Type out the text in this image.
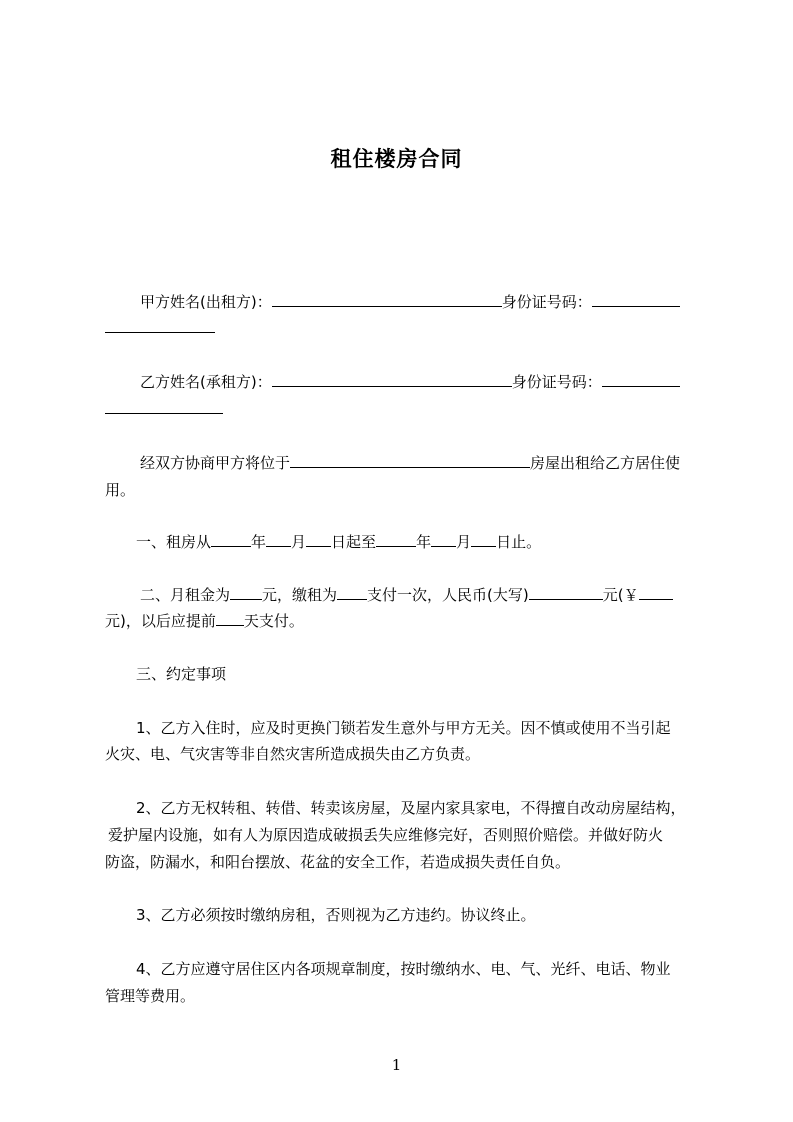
租住楼房合同
甲方姓名(出租方)：	身份证号码：
乙方姓名(承租方)：	身份证号码：
经双方协商甲方将位于	房屋出租给乙方居住使
用。
一、租房从	年 月 日起至	年 月 日止。
二、月租金为 元，缴租为 支付一次，人民币(大写)	元(￥
元)，以后应提前 天支付。
三、约定事项
1、乙方入住时，应及时更换门锁若发生意外与甲方无关。因不慎或使用不当引起
火灾、电、气灾害等非自然灾害所造成损失由乙方负责。
2、乙方无权转租、转借、转卖该房屋，及屋内家具家电，不得擅自改动房屋结构，
爱护屋内设施，如有人为原因造成破损丢失应维修完好，否则照价赔偿。并做好防火
防盗，防漏水，和阳台摆放、花盆的安全工作，若造成损失责任自负。
3、乙方必须按时缴纳房租，否则视为乙方违约。协议终止。
4、乙方应遵守居住区内各项规章制度，按时缴纳水、电、气、光纤、电话、物业
管理等费用。
1
